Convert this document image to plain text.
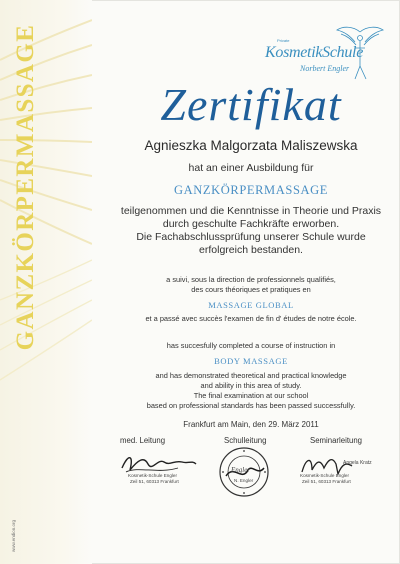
GANZKÖRPERMASSAGE
www.endion.org
Private
KosmetikSchule
Norbert Engler
Zertifikat
Agnieszka Malgorzata Maliszewska
hat an einer Ausbildung für
GANZKÖRPERMASSAGE
teilgenommen und die Kenntnisse in Theorie und Praxis
durch geschulte Fachkräfte erworben.
Die Fachabschlussprüfung unserer Schule wurde
erfolgreich bestanden.
a suivi, sous la direction de professionnels qualifiés,
des cours théoriques et pratiques en
MASSAGE GLOBAL
et a passé avec succès l'examen de fin d' études de notre école.
has succesfully completed a course of instruction in
BODY MASSAGE
and has demonstrated theoretical and practical knowledge
and ability in this area of study.
The final examination at our school
based on professional standards has been passed successfully.
Frankfurt am Main, den 29. März 2011
med. Leitung	Schulleitung	Seminarleitung
Kosmetik-Schule Engler
Zeil 51, 60313 Frankfurt
Engler
N. Engler
Angela Kratz
Kosmetik-Schule Engler
Zeil 51, 60313 Frankfurt
